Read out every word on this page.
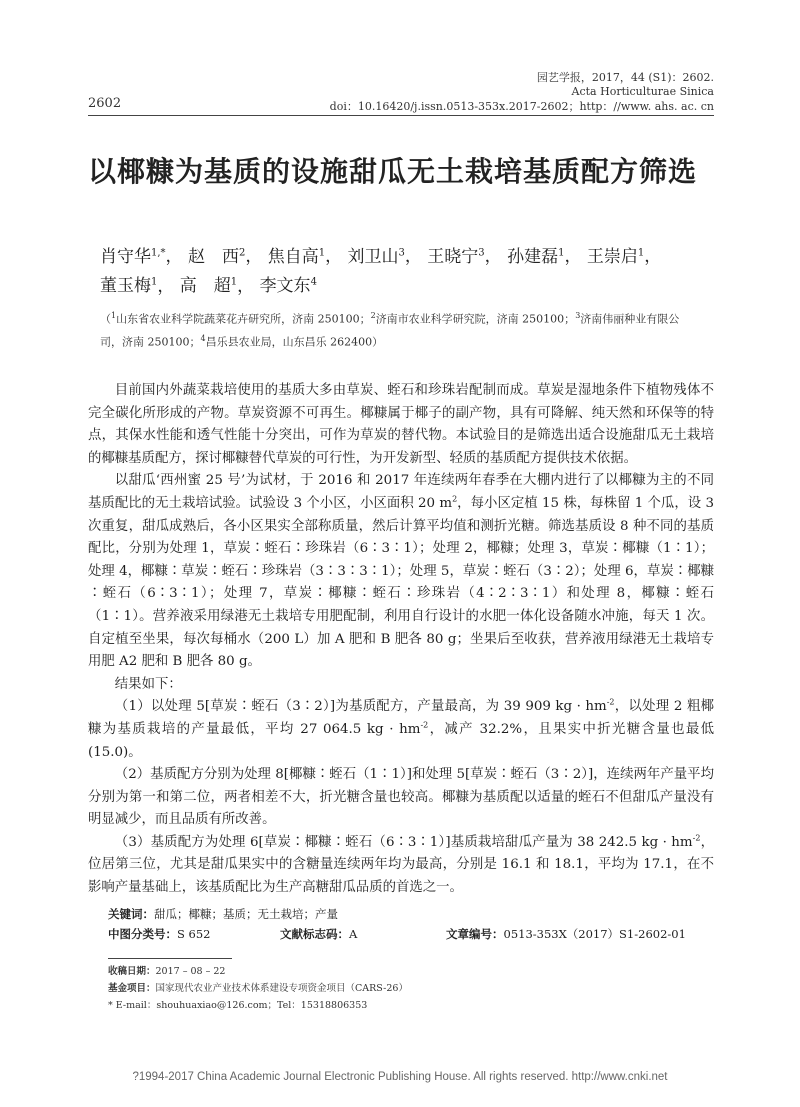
园艺学报，2017，44 (S1)：2602.
Acta Horticulturae Sinica
2602	doi：10.16420/j.issn.0513-353x.2017-2602；http：//www. ahs. ac. cn
以椰糠为基质的设施甜瓜无土栽培基质配方筛选
肖守华$^{1,*}$， 赵　西$^2$， 焦自高$^1$， 刘卫山$^3$， 王晓宁$^3$， 孙建磊$^1$， 王崇启$^1$，
董玉梅$^1$， 高　超$^1$， 李文东$^4$
（$^1$山东省农业科学院蔬菜花卉研究所，济南 250100；$^2$济南市农业科学研究院，济南 250100；$^3$济南伟丽种业有限公司，济南 250100；$^4$昌乐县农业局，山东昌乐 262400）

目前国内外蔬菜栽培使用的基质大多由草炭、蛭石和珍珠岩配制而成。草炭是湿地条件下植物残体不完全碳化所形成的产物。草炭资源不可再生。椰糠属于椰子的副产物，具有可降解、纯天然和环保等的特点，其保水性能和透气性能十分突出，可作为草炭的替代物。本试验目的是筛选出适合设施甜瓜无土栽培的椰糠基质配方，探讨椰糠替代草炭的可行性，为开发新型、轻质的基质配方提供技术依据。

以甜瓜‘西州蜜 25 号’为试材，于 2016 和 2017 年连续两年春季在大棚内进行了以椰糠为主的不同基质配比的无土栽培试验。试验设 3 个小区，小区面积 20 $m^2$，每小区定植 15 株，每株留 1 个瓜，设 3 次重复，甜瓜成熟后，各小区果实全部称质量，然后计算平均值和测折光糖。筛选基质设 8 种不同的基质配比，分别为处理 1，草炭∶蛭石∶珍珠岩（6∶3∶1）；处理 2，椰糠；处理 3，草炭∶椰糠（1∶1）；处理 4，椰糠∶草炭∶蛭石∶珍珠岩（3∶3∶3∶1）；处理 5，草炭∶蛭石（3∶2）；处理 6，草炭∶椰糠∶蛭石（6∶3∶1）；处理 7，草炭∶椰糠∶蛭石∶珍珠岩（4∶2∶3∶1）和处理 8，椰糠∶蛭石（1∶1）。营养液采用绿港无土栽培专用肥配制，利用自行设计的水肥一体化设备随水冲施，每天 1 次。自定植至坐果，每次每桶水（200 L）加 A 肥和 B 肥各 80 g；坐果后至收获，营养液用绿港无土栽培专用肥 A2 肥和 B 肥各 80 g。

结果如下：

（1）以处理 5[草炭∶蛭石（3∶2）]为基质配方，产量最高，为 39 909 kg · $hm^{-2}$，以处理 2 粗椰糠为基质栽培的产量最低，平均 27 064.5 kg · $hm^{-2}$，减产 32.2%，且果实中折光糖含量也最低(15.0)。

（2）基质配方分别为处理 8[椰糠∶蛭石（1∶1）]和处理 5[草炭∶蛭石（3∶2）]，连续两年产量平均分别为第一和第二位，两者相差不大，折光糖含量也较高。椰糠为基质配以适量的蛭石不但甜瓜产量没有明显减少，而且品质有所改善。

（3）基质配方为处理 6[草炭∶椰糠∶蛭石（6∶3∶1）]基质栽培甜瓜产量为 38 242.5 kg · $hm^{-2}$，位居第三位，尤其是甜瓜果实中的含糖量连续两年均为最高，分别是 16.1 和 18.1，平均为 17.1，在不影响产量基础上，该基质配比为生产高糖甜瓜品质的首选之一。

关键词：甜瓜；椰糠；基质；无土栽培；产量
中图分类号：S 652	文献标志码：A	文章编号：0513-353X（2017）S1-2602-01
收稿日期：2017 – 08 – 22
基金项目：国家现代农业产业技术体系建设专项资金项目（CARS-26）
* E-mail：shouhuaxiao@126.com；Tel：15318806353
?1994-2017 China Academic Journal Electronic Publishing House. All rights reserved. http://www.cnki.net
